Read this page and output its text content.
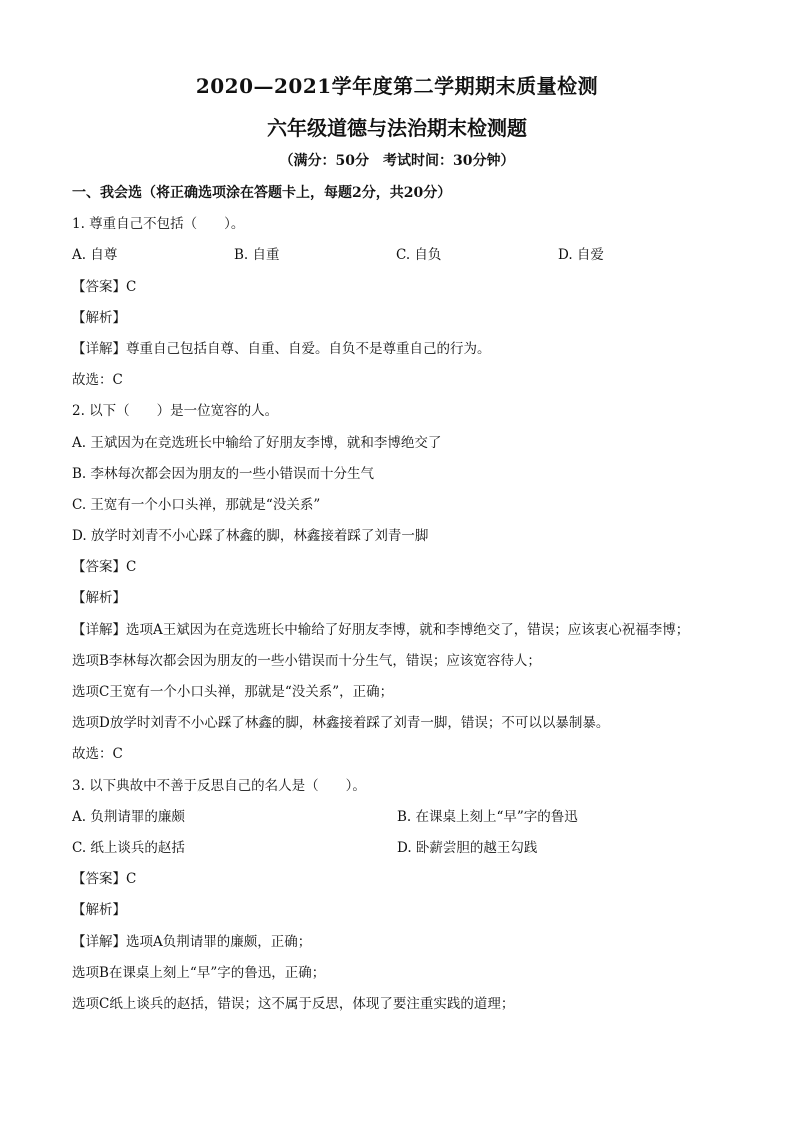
2020—2021学年度第二学期期末质量检测
六年级道德与法治期末检测题
（满分：50分　考试时间：30分钟）
一、我会选（将正确选项涂在答题卡上，每题2分，共20分）
1. 尊重自己不包括（　　）。
A. 自尊	B. 自重	C. 自负	D. 自爱
【答案】C
【解析】
【详解】尊重自己包括自尊、自重、自爱。自负不是尊重自己的行为。
故选：C
2. 以下（　　）是一位宽容的人。
A. 王斌因为在竞选班长中输给了好朋友李博，就和李博绝交了
B. 李林每次都会因为朋友的一些小错误而十分生气
C. 王宽有一个小口头禅，那就是“没关系”
D. 放学时刘青不小心踩了林鑫的脚，林鑫接着踩了刘青一脚
【答案】C
【解析】
【详解】选项A王斌因为在竞选班长中输给了好朋友李博，就和李博绝交了，错误；应该衷心祝福李博；
选项B李林每次都会因为朋友的一些小错误而十分生气，错误；应该宽容待人；
选项C王宽有一个小口头禅，那就是“没关系”，正确；
选项D放学时刘青不小心踩了林鑫的脚，林鑫接着踩了刘青一脚，错误；不可以以暴制暴。
故选：C
3. 以下典故中不善于反思自己的名人是（　　）。
A. 负荆请罪的廉颇	B. 在课桌上刻上“早”字的鲁迅
C. 纸上谈兵的赵括	D. 卧薪尝胆的越王勾践
【答案】C
【解析】
【详解】选项A负荆请罪的廉颇，正确；
选项B在课桌上刻上“早”字的鲁迅，正确；
选项C纸上谈兵的赵括，错误；这不属于反思，体现了要注重实践的道理；
